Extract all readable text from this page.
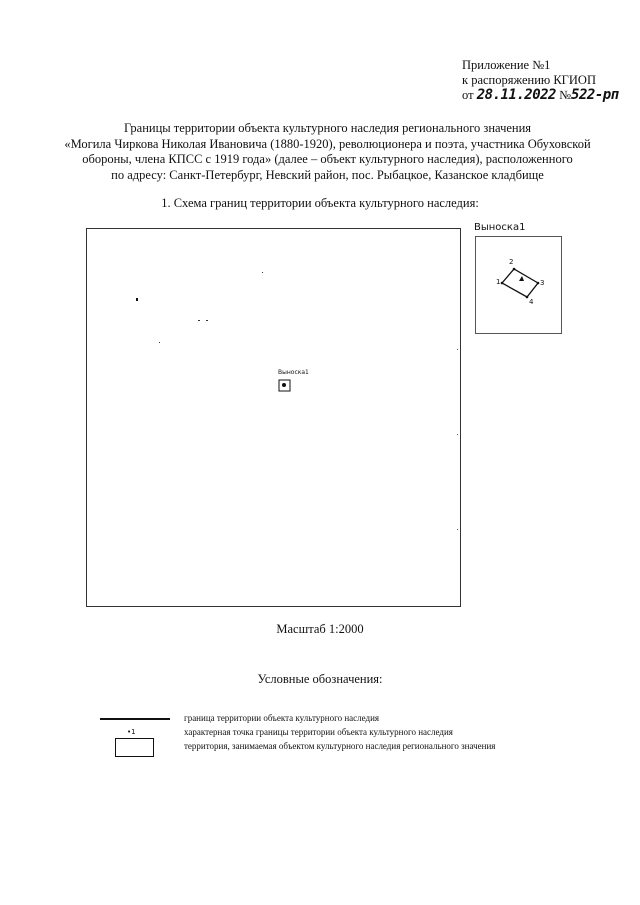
Приложение №1
к распоряжению КГИОП
от 28.11.2022 №522-рп
Границы территории объекта культурного наследия регионального значения
«Могила Чиркова Николая Ивановича (1880-1920), революционера и поэта, участника Обуховской
обороны, члена КПСС с 1919 года» (далее – объект культурного наследия), расположенного
по адресу: Санкт-Петербург, Невский район, пос. Рыбацкое, Казанское кладбище
1. Схема границ территории объекта культурного наследия:
Выноска1
Выноска1
1
2
3
4
Масштаб 1:2000
Условные обозначения:
граница территории объекта культурного наследия
•1	характерная точка границы территории объекта культурного наследия
территория, занимаемая объектом культурного наследия регионального значения
